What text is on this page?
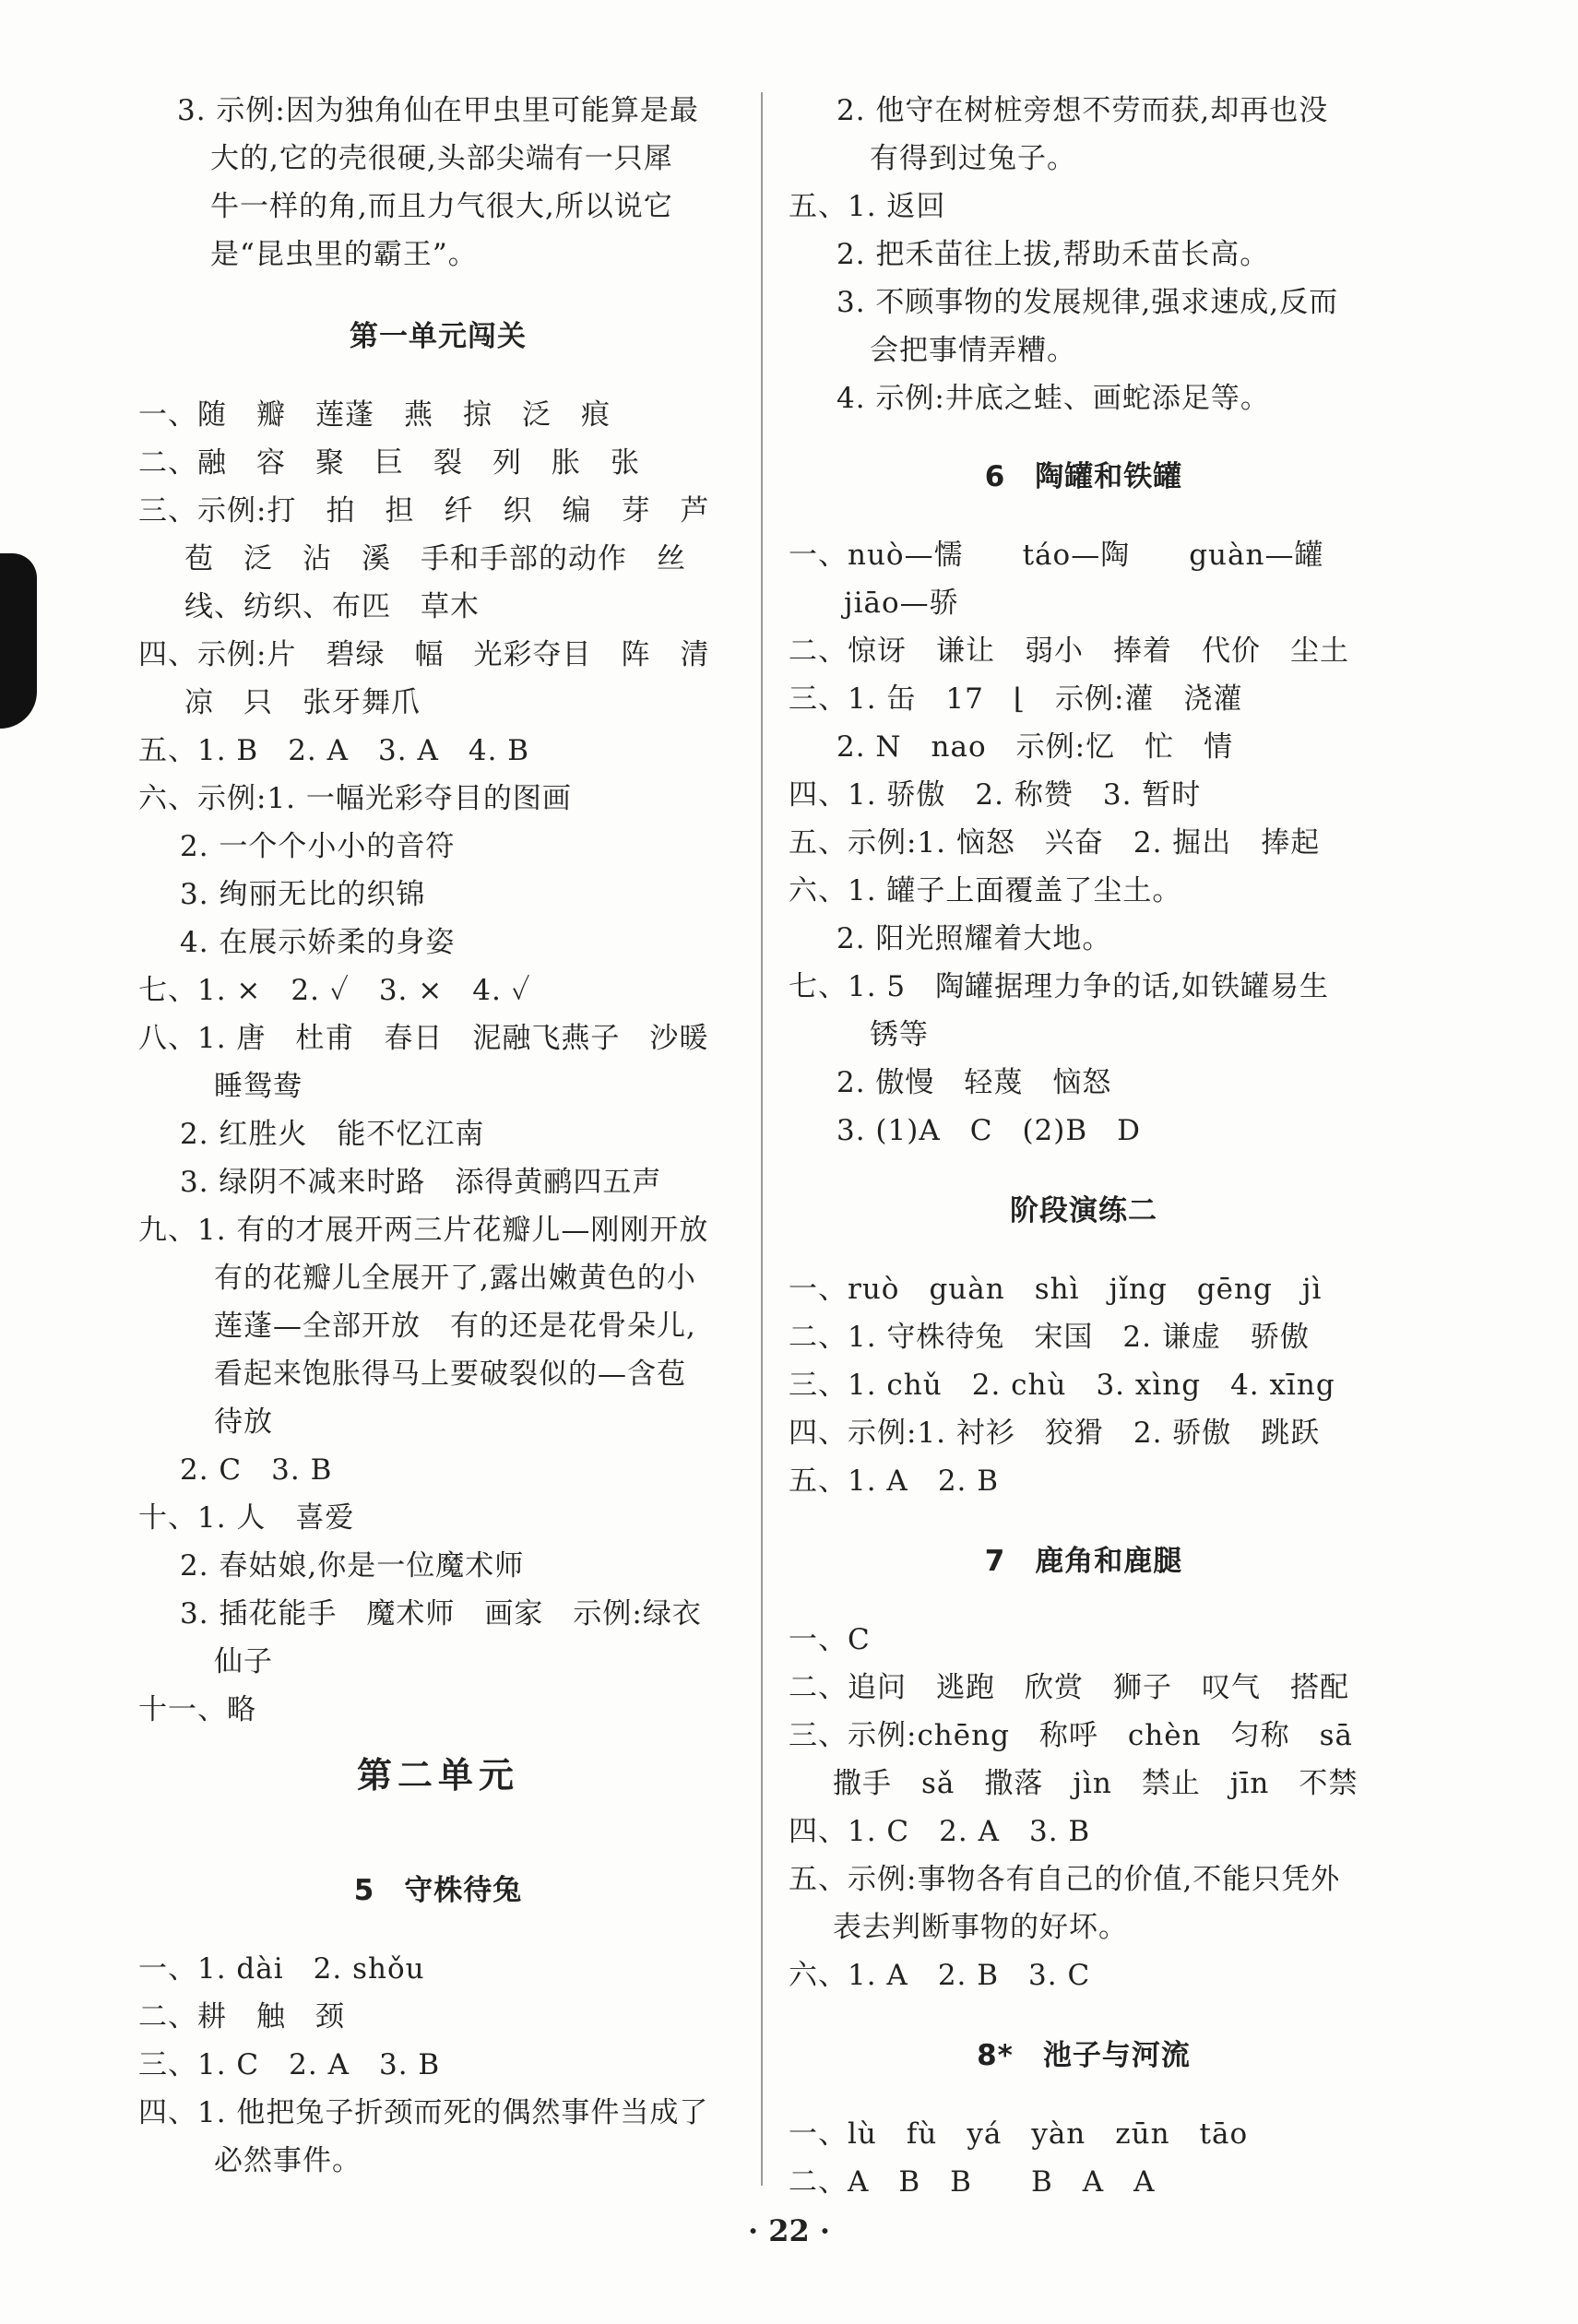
3. 示例:因为独角仙在甲虫里可能算是最
大的,它的壳很硬,头部尖端有一只犀
牛一样的角,而且力气很大,所以说它
是“昆虫里的霸王”。
第一单元闯关
一、随　瓣　莲蓬　燕　掠　泛　痕
二、融　容　聚　巨　裂　列　胀　张
三、示例:打　拍　担　纤　织　编　芽　芦
苞　泛　沾　溪　手和手部的动作　丝
线、纺织、布匹　草木
四、示例:片　碧绿　幅　光彩夺目　阵　清
凉　只　张牙舞爪
五、1. B　2. A　3. A　4. B
六、示例:1. 一幅光彩夺目的图画
2. 一个个小小的音符
3. 绚丽无比的织锦
4. 在展示娇柔的身姿
七、1. ×　2. ✓　3. ×　4. ✓
八、1. 唐　杜甫　春日　泥融飞燕子　沙暖
睡鸳鸯
2. 红胜火　能不忆江南
3. 绿阴不减来时路　添得黄鹂四五声
九、1. 有的才展开两三片花瓣儿—刚刚开放
有的花瓣儿全展开了,露出嫩黄色的小
莲蓬—全部开放　有的还是花骨朵儿,
看起来饱胀得马上要破裂似的—含苞
待放
2. C　3. B
十、1. 人　喜爱
2. 春姑娘,你是一位魔术师
3. 插花能手　魔术师　画家　示例:绿衣
仙子
十一、略
第二单元
5　守株待兔
一、1. dài　2. shǒu
二、耕　触　颈
三、1. C　2. A　3. B
四、1. 他把兔子折颈而死的偶然事件当成了
必然事件。
2. 他守在树桩旁想不劳而获,却再也没
有得到过兔子。
五、1. 返回
2. 把禾苗往上拔,帮助禾苗长高。
3. 不顾事物的发展规律,强求速成,反而
会把事情弄糟。
4. 示例:井底之蛙、画蛇添足等。
6　陶罐和铁罐
一、nuò—懦　　táo—陶　　guàn—罐
jiāo—骄
二、惊讶　谦让　弱小　捧着　代价　尘土
三、1. 缶　17　⌊　示例:灌　浇灌
2. N　nao　示例:忆　忙　情
四、1. 骄傲　2. 称赞　3. 暂时
五、示例:1. 恼怒　兴奋　2. 掘出　捧起
六、1. 罐子上面覆盖了尘土。
2. 阳光照耀着大地。
七、1. 5　陶罐据理力争的话,如铁罐易生
锈等
2. 傲慢　轻蔑　恼怒
3. (1)A　C　(2)B　D
阶段演练二
一、ruò　guàn　shì　jǐng　gēng　jì
二、1. 守株待兔　宋国　2. 谦虚　骄傲
三、1. chǔ　2. chù　3. xìng　4. xīng
四、示例:1. 衬衫　狡猾　2. 骄傲　跳跃
五、1. A　2. B
7　鹿角和鹿腿
一、C
二、追问　逃跑　欣赏　狮子　叹气　搭配
三、示例:chēng　称呼　chèn　匀称　sā
撒手　sǎ　撒落　jìn　禁止　jīn　不禁
四、1. C　2. A　3. B
五、示例:事物各有自己的价值,不能只凭外
表去判断事物的好坏。
六、1. A　2. B　3. C
8*　池子与河流
一、lù　fù　yá　yàn　zūn　tāo
二、A　B　B　　B　A　A
· 22 ·
